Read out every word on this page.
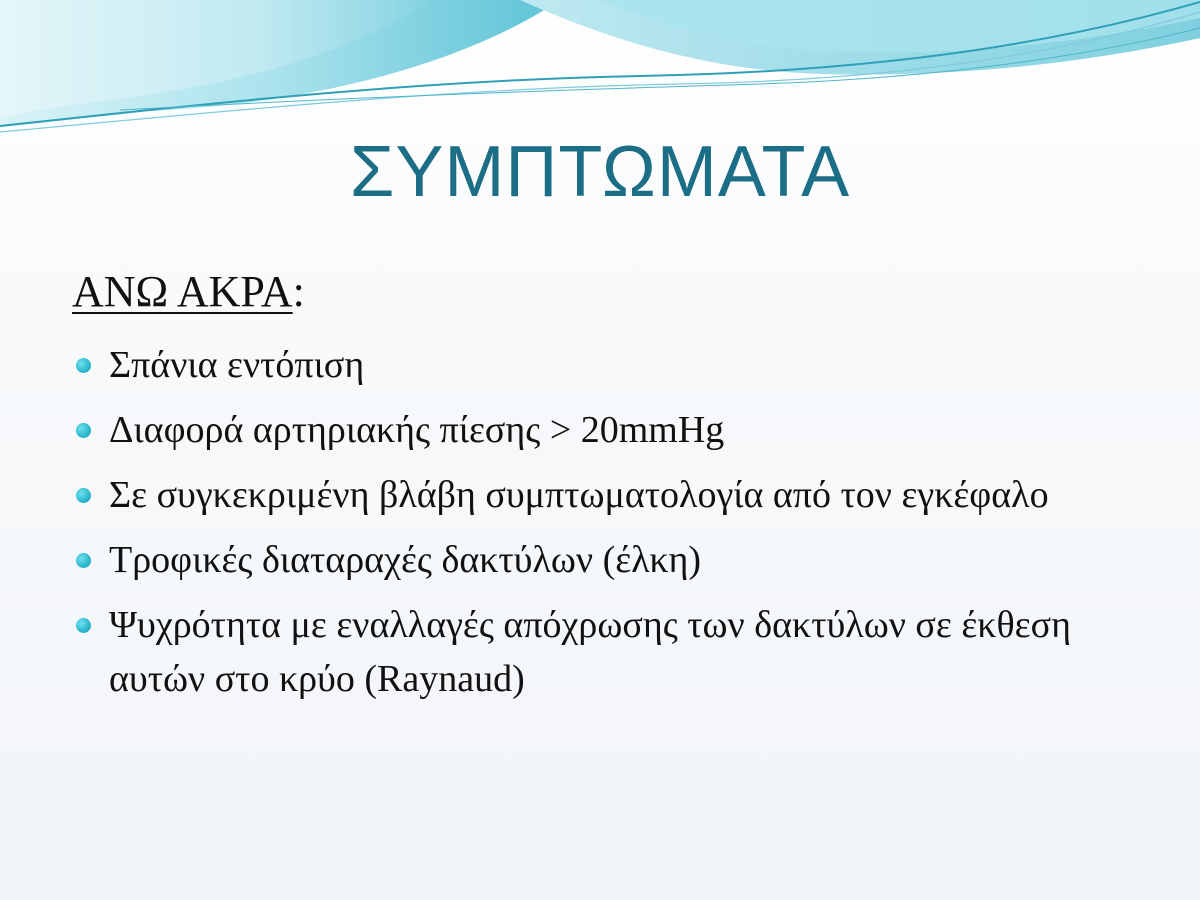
ΣΥΜΠΤΩΜΑΤΑ
ΑΝΩ ΑΚΡΑ:
Σπάνια εντόπιση
Διαφορά αρτηριακής πίεσης > 20mmHg
Σε συγκεκριμένη βλάβη συμπτωματολογία από τον εγκέφαλο
Τροφικές διαταραχές δακτύλων (έλκη)
Ψυχρότητα με εναλλαγές απόχρωσης των δακτύλων σε έκθεση αυτών στο κρύο (Raynaud)
